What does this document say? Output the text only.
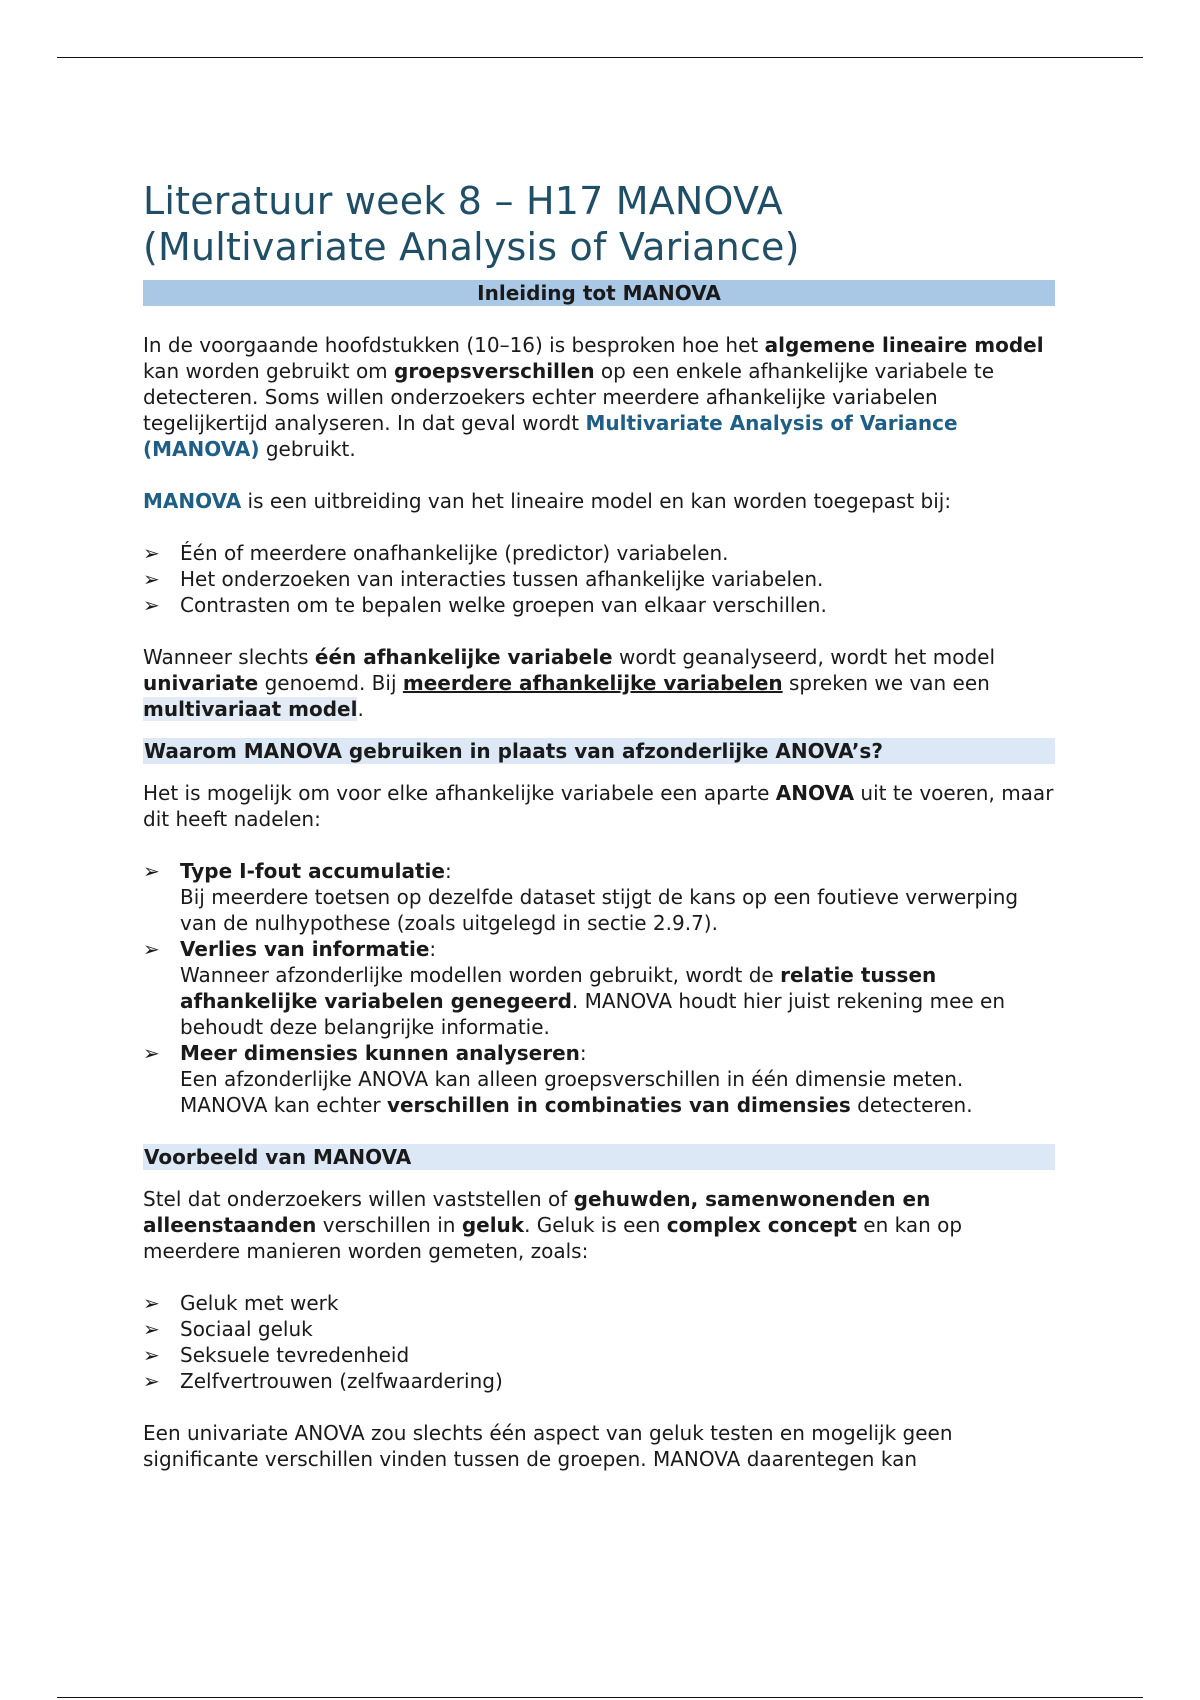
Literatuur week 8 – H17 MANOVA
(Multivariate Analysis of Variance)
Inleiding tot MANOVA

In de voorgaande hoofdstukken (10–16) is besproken hoe het algemene lineaire model kan worden gebruikt om groepsverschillen op een enkele afhankelijke variabele te detecteren. Soms willen onderzoekers echter meerdere afhankelijke variabelen tegelijkertijd analyseren. In dat geval wordt Multivariate Analysis of Variance (MANOVA) gebruikt.

MANOVA is een uitbreiding van het lineaire model en kan worden toegepast bij:

➢	Één of meerdere onafhankelijke (predictor) variabelen.
➢	Het onderzoeken van interacties tussen afhankelijke variabelen.
➢	Contrasten om te bepalen welke groepen van elkaar verschillen.

Wanneer slechts één afhankelijke variabele wordt geanalyseerd, wordt het model univariate genoemd. Bij meerdere afhankelijke variabelen spreken we van een multivariaat model.

Waarom MANOVA gebruiken in plaats van afzonderlijke ANOVA’s?

Het is mogelijk om voor elke afhankelijke variabele een aparte ANOVA uit te voeren, maar dit heeft nadelen:

➢	Type I-fout accumulatie:
Bij meerdere toetsen op dezelfde dataset stijgt de kans op een foutieve verwerping van de nulhypothese (zoals uitgelegd in sectie 2.9.7).
➢	Verlies van informatie:
Wanneer afzonderlijke modellen worden gebruikt, wordt de relatie tussen afhankelijke variabelen genegeerd. MANOVA houdt hier juist rekening mee en behoudt deze belangrijke informatie.
➢	Meer dimensies kunnen analyseren:
Een afzonderlijke ANOVA kan alleen groepsverschillen in één dimensie meten. MANOVA kan echter verschillen in combinaties van dimensies detecteren.
Voorbeeld van MANOVA

Stel dat onderzoekers willen vaststellen of gehuwden, samenwonenden en alleenstaanden verschillen in geluk. Geluk is een complex concept en kan op meerdere manieren worden gemeten, zoals:

➢	Geluk met werk
➢	Sociaal geluk
➢	Seksuele tevredenheid
➢	Zelfvertrouwen (zelfwaardering)

Een univariate ANOVA zou slechts één aspect van geluk testen en mogelijk geen significante verschillen vinden tussen de groepen. MANOVA daarentegen kan
